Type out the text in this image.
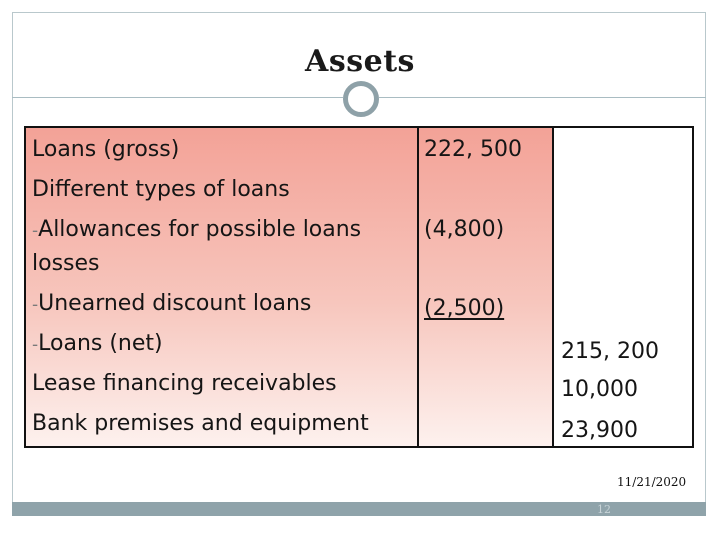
Assets
Loans (gross)
Different types of loans
-Allowances for possible loans
losses
-Unearned discount loans
-Loans (net)
Lease financing receivables
Bank premises and equipment
222, 500
(4,800)
(2,500)
215, 200
10,000
23,900
11/21/2020
12
